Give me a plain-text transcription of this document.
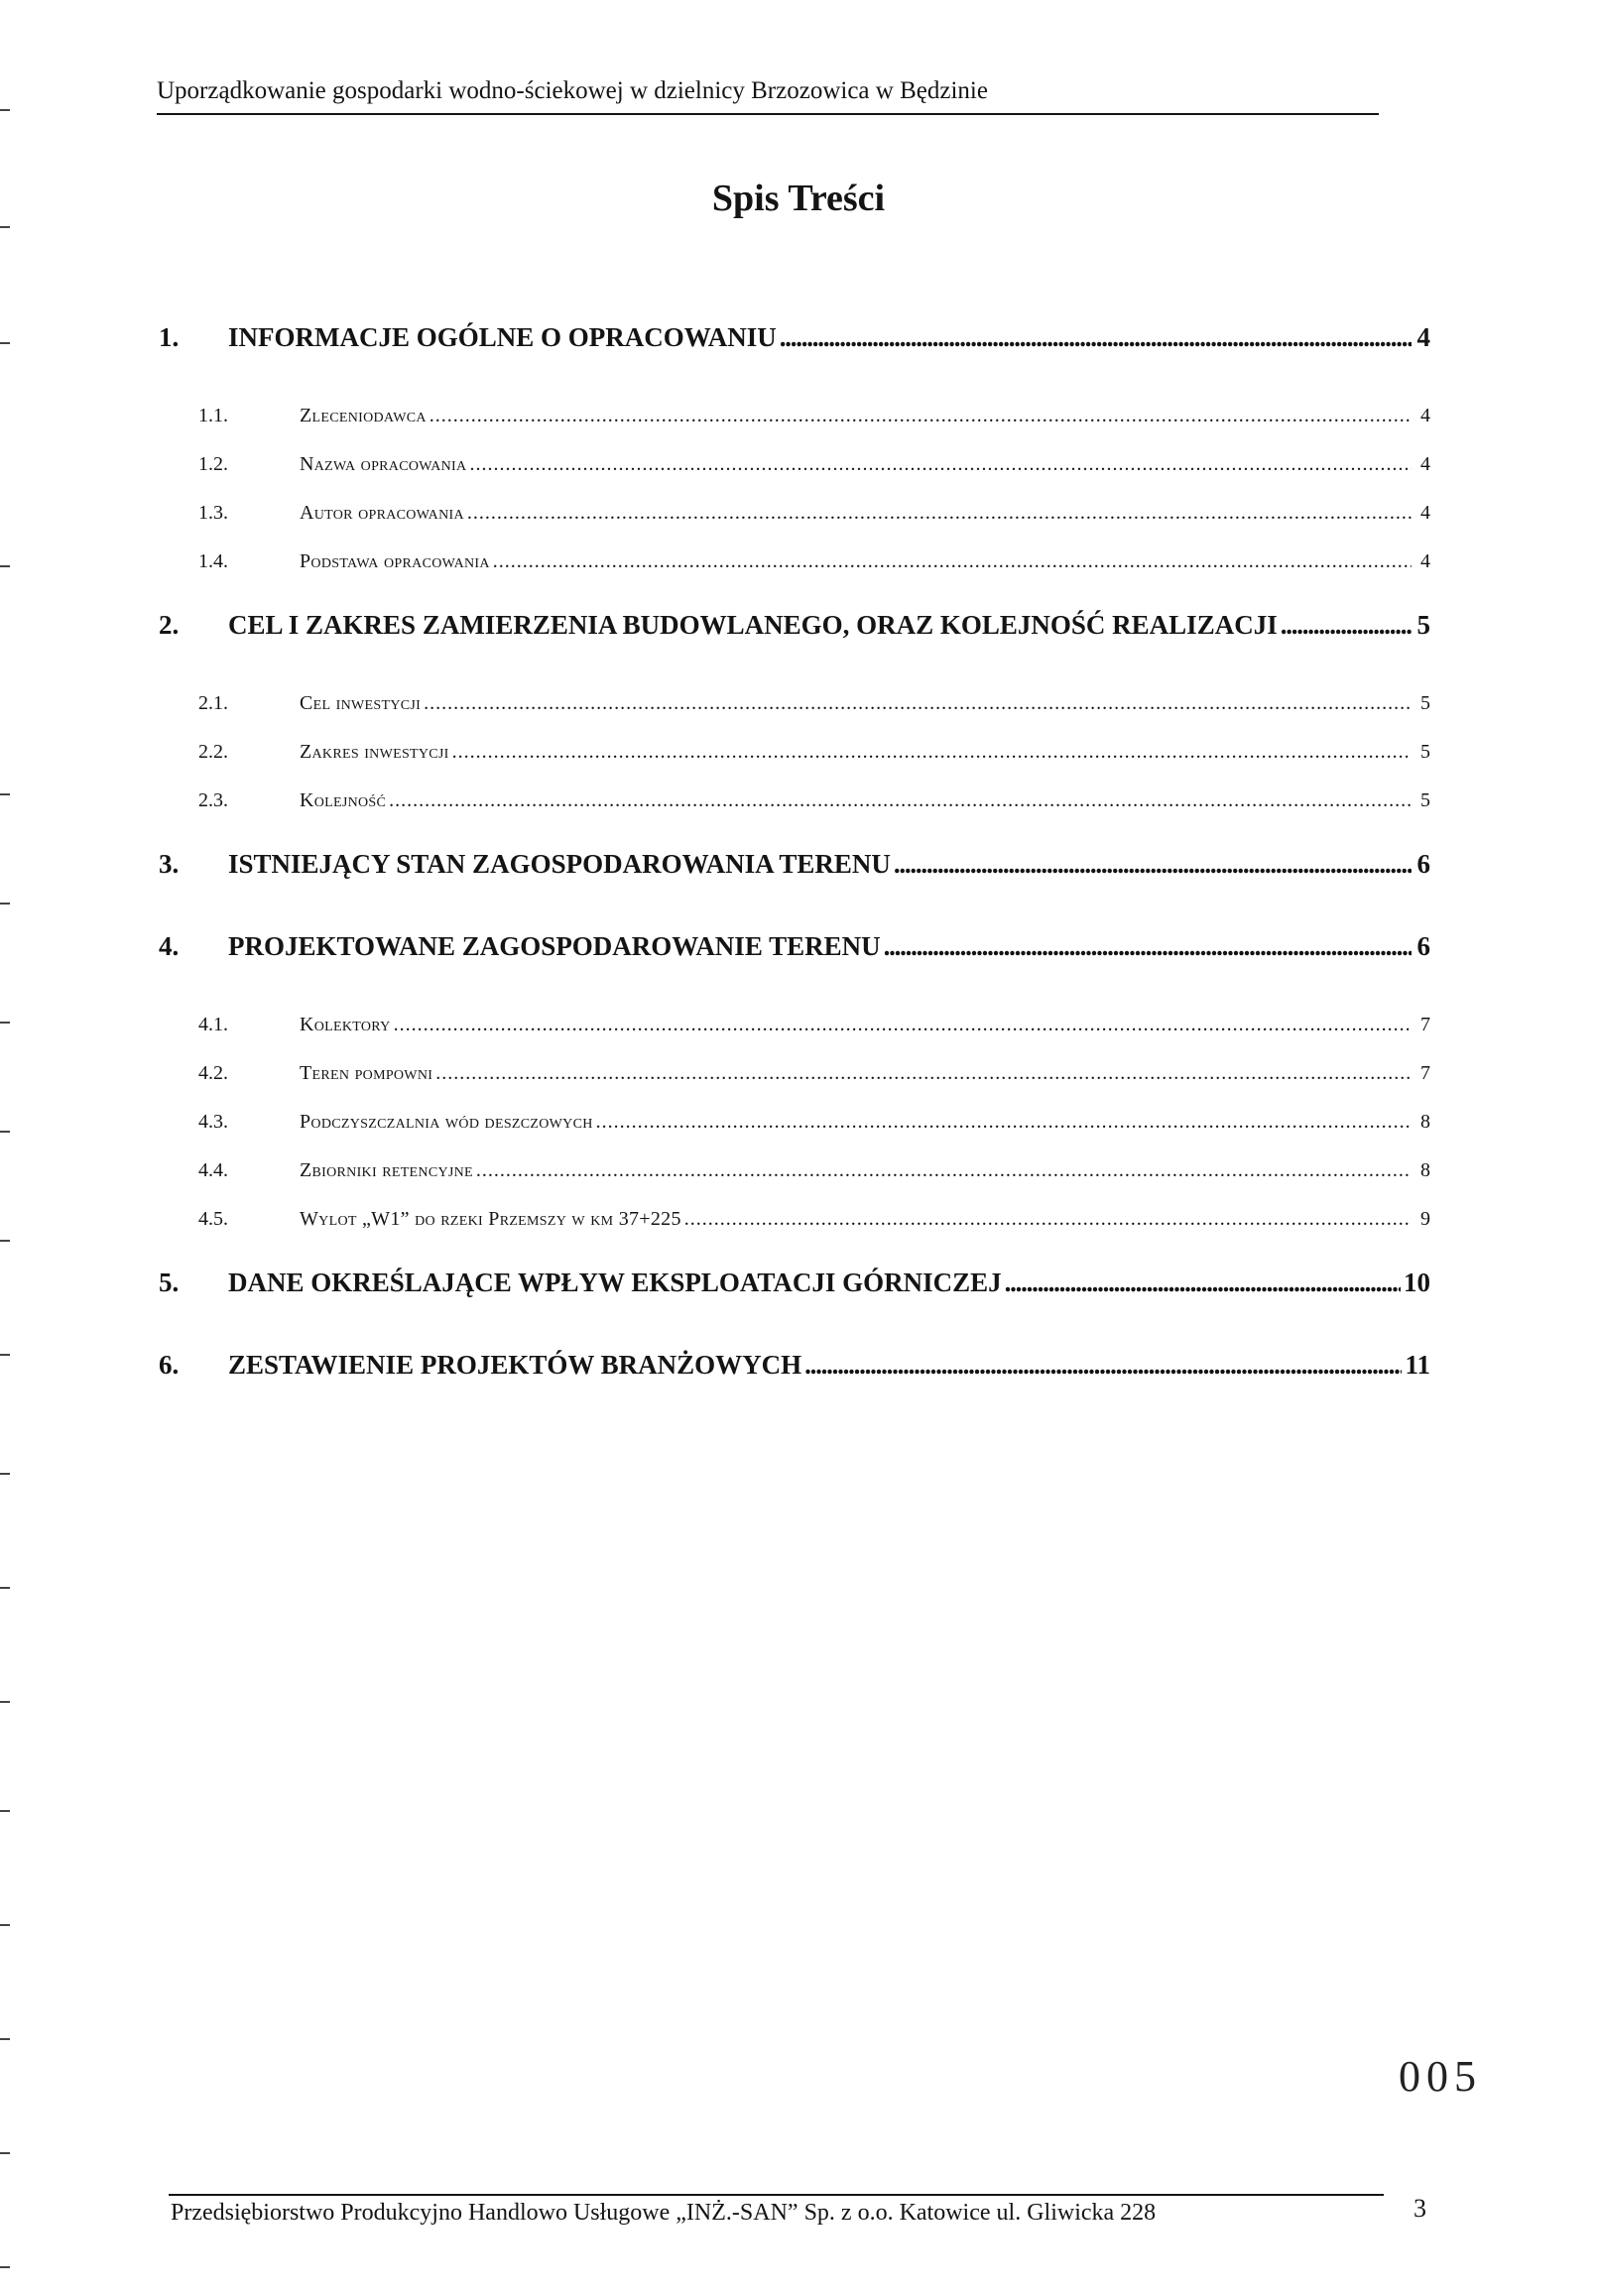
Uporządkowanie gospodarki wodno-ściekowej w dzielnicy Brzozowica w Będzinie
Spis Treści
1.	INFORMACJE OGÓLNE O OPRACOWANIU . . .	4
1.1.	Zleceniodawca . . .	4
1.2.	Nazwa opracowania . . .	4
1.3.	Autor opracowania . . .	4
1.4.	Podstawa opracowania . . .	4
2.	CEL I ZAKRES ZAMIERZENIA BUDOWLANEGO, ORAZ KOLEJNOŚĆ REALIZACJI . . .	5
2.1.	Cel inwestycji . . .	5
2.2.	Zakres inwestycji . . .	5
2.3.	Kolejność . . .	5
3.	ISTNIEJĄCY STAN ZAGOSPODAROWANIA TERENU . . .	6
4.	PROJEKTOWANE ZAGOSPODAROWANIE TERENU . . .	6
4.1.	Kolektory . . .	7
4.2.	Teren pompowni . . .	7
4.3.	Podczyszczalnia wód deszczowych . . .	8
4.4.	Zbiorniki retencyjne . . .	8
4.5.	Wylot „W1” do rzeki Przemszy w km 37+225 . . .	9
5.	DANE OKREŚLAJĄCE WPŁYW EKSPLOATACJI GÓRNICZEJ . . .	10
6.	ZESTAWIENIE PROJEKTÓW BRANŻOWYCH . . .	11
005
Przedsiębiorstwo Produkcyjno Handlowo Usługowe „INŻ.-SAN” Sp. z o.o. Katowice ul. Gliwicka 228	3
